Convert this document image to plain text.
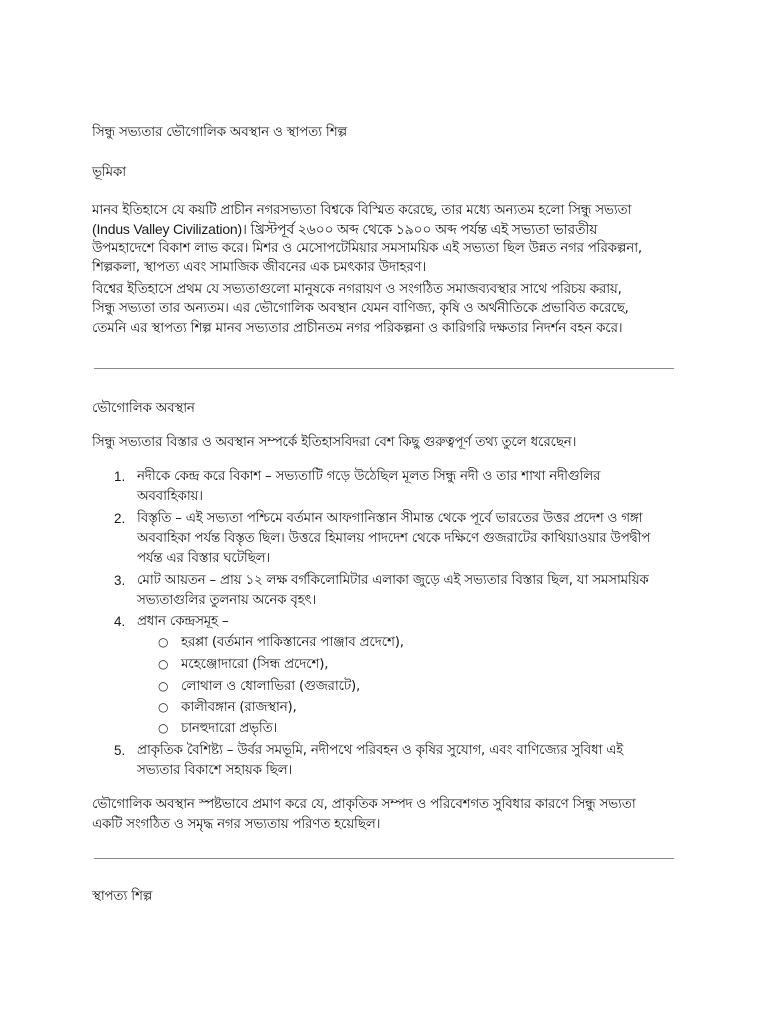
সিন্ধু সভ্যতার ভৌগোলিক অবস্থান ও স্থাপত্য শিল্প
ভূমিকা
মানব ইতিহাসে যে কয়টি প্রাচীন নগরসভ্যতা বিশ্বকে বিস্মিত করেছে, তার মধ্যে অন্যতম হলো সিন্ধু সভ্যতা
(Indus Valley Civilization)। খ্রিস্টপূর্ব ২৬০০ অব্দ থেকে ১৯০০ অব্দ পর্যন্ত এই সভ্যতা ভারতীয়
উপমহাদেশে বিকাশ লাভ করে। মিশর ও মেসোপটেমিয়ার সমসাময়িক এই সভ্যতা ছিল উন্নত নগর পরিকল্পনা,
শিল্পকলা, স্থাপত্য এবং সামাজিক জীবনের এক চমৎকার উদাহরণ।
বিশ্বের ইতিহাসে প্রথম যে সভ্যতাগুলো মানুষকে নগরায়ণ ও সংগঠিত সমাজব্যবস্থার সাথে পরিচয় করায়,
সিন্ধু সভ্যতা তার অন্যতম। এর ভৌগোলিক অবস্থান যেমন বাণিজ্য, কৃষি ও অর্থনীতিকে প্রভাবিত করেছে,
তেমনি এর স্থাপত্য শিল্প মানব সভ্যতার প্রাচীনতম নগর পরিকল্পনা ও কারিগরি দক্ষতার নিদর্শন বহন করে।
ভৌগোলিক অবস্থান
সিন্ধু সভ্যতার বিস্তার ও অবস্থান সম্পর্কে ইতিহাসবিদরা বেশ কিছু গুরুত্বপূর্ণ তথ্য তুলে ধরেছেন।
1. নদীকে কেন্দ্র করে বিকাশ – সভ্যতাটি গড়ে উঠেছিল মূলত সিন্ধু নদী ও তার শাখা নদীগুলির
অববাহিকায়।
2. বিস্তৃতি – এই সভ্যতা পশ্চিমে বর্তমান আফগানিস্তান সীমান্ত থেকে পূর্বে ভারতের উত্তর প্রদেশ ও গঙ্গা
অববাহিকা পর্যন্ত বিস্তৃত ছিল। উত্তরে হিমালয় পাদদেশ থেকে দক্ষিণে গুজরাটের কাথিয়াওয়ার উপদ্বীপ
পর্যন্ত এর বিস্তার ঘটেছিল।
3. মোট আয়তন – প্রায় ১২ লক্ষ বর্গকিলোমিটার এলাকা জুড়ে এই সভ্যতার বিস্তার ছিল, যা সমসাময়িক
সভ্যতাগুলির তুলনায় অনেক বৃহৎ।
4. প্রধান কেন্দ্রসমূহ –
○ হরপ্পা (বর্তমান পাকিস্তানের পাঞ্জাব প্রদেশে),
○ মহেঞ্জোদারো (সিন্ধ প্রদেশে),
○ লোথাল ও ধোলাভিরা (গুজরাটে),
○ কালীবঙ্গান (রাজস্থান),
○ চানহুদারো প্রভৃতি।
5. প্রাকৃতিক বৈশিষ্ট্য – উর্বর সমভূমি, নদীপথে পরিবহন ও কৃষির সুযোগ, এবং বাণিজ্যের সুবিধা এই
সভ্যতার বিকাশে সহায়ক ছিল।
ভৌগোলিক অবস্থান স্পষ্টভাবে প্রমাণ করে যে, প্রাকৃতিক সম্পদ ও পরিবেশগত সুবিধার কারণে সিন্ধু সভ্যতা
একটি সংগঠিত ও সমৃদ্ধ নগর সভ্যতায় পরিণত হয়েছিল।
স্থাপত্য শিল্প
